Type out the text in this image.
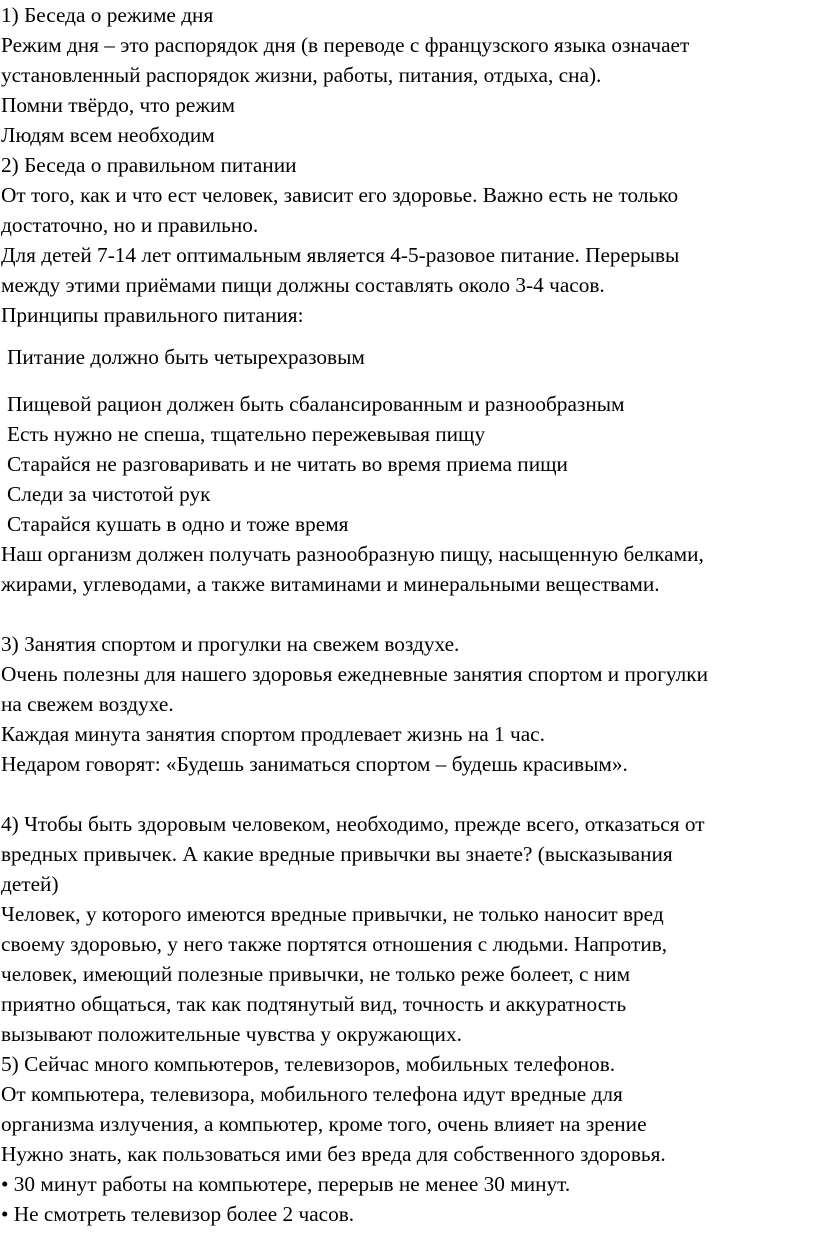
1) Беседа о режиме дня
Режим дня – это распорядок дня (в переводе с французского языка означает
установленный распорядок жизни, работы, питания, отдыха, сна).
Помни твёрдо, что режим
Людям всем необходим
2) Беседа о правильном питании
От того, как и что ест человек, зависит его здоровье. Важно есть не только
достаточно, но и правильно.
Для детей 7-14 лет оптимальным является 4-5-разовое питание. Перерывы
между этими приёмами пищи должны составлять около 3-4 часов.
Принципы правильного питания:
Питание должно быть четырехразовым
Пищевой рацион должен быть сбалансированным и разнообразным
Есть нужно не спеша, тщательно пережевывая пищу
Старайся не разговаривать и не читать во время приема пищи
Следи за чистотой рук
Старайся кушать в одно и тоже время
Наш организм должен получать разнообразную пищу, насыщенную белками,
жирами, углеводами, а также витаминами и минеральными веществами.
3) Занятия спортом и прогулки на свежем воздухе.
Очень полезны для нашего здоровья ежедневные занятия спортом и прогулки
на свежем воздухе.
Каждая минута занятия спортом продлевает жизнь на 1 час.
Недаром говорят: «Будешь заниматься спортом – будешь красивым».
4) Чтобы быть здоровым человеком, необходимо, прежде всего, отказаться от
вредных привычек. А какие вредные привычки вы знаете? (высказывания
детей)
Человек, у которого имеются вредные привычки, не только наносит вред
своему здоровью, у него также портятся отношения с людьми. Напротив,
человек, имеющий полезные привычки, не только реже болеет, с ним
приятно общаться, так как подтянутый вид, точность и аккуратность
вызывают положительные чувства у окружающих.
5) Сейчас много компьютеров, телевизоров, мобильных телефонов.
От компьютера, телевизора, мобильного телефона идут вредные для
организма излучения, а компьютер, кроме того, очень влияет на зрение
Нужно знать, как пользоваться ими без вреда для собственного здоровья.
• 30 минут работы на компьютере, перерыв не менее 30 минут.
• Не смотреть телевизор более 2 часов.
